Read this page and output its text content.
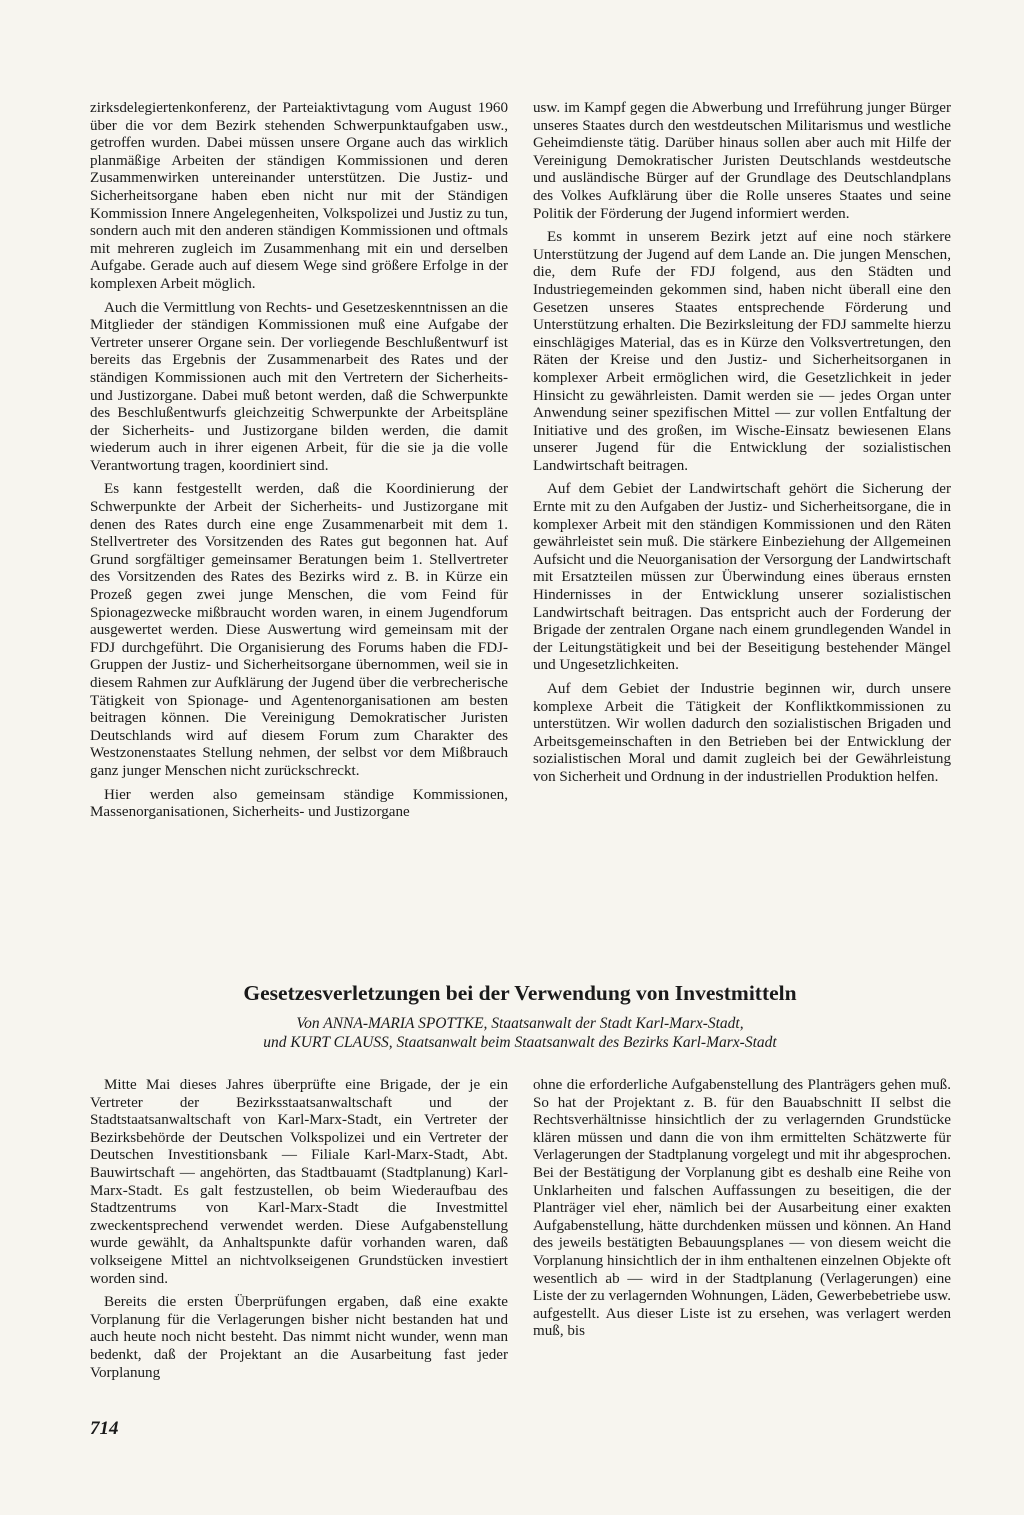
zirksdelegiertenkonferenz, der Parteiaktivtagung vom August 1960 über die vor dem Bezirk stehenden Schwerpunktaufgaben usw., getroffen wurden. Dabei müssen unsere Organe auch das wirklich planmäßige Arbeiten der ständigen Kommissionen und deren Zusammenwirken untereinander unterstützen. Die Justiz- und Sicherheitsorgane haben eben nicht nur mit der Ständigen Kommission Innere Angelegenheiten, Volkspolizei und Justiz zu tun, sondern auch mit den anderen ständigen Kommissionen und oftmals mit mehreren zugleich im Zusammenhang mit ein und derselben Aufgabe. Gerade auch auf diesem Wege sind größere Erfolge in der komplexen Arbeit möglich.

Auch die Vermittlung von Rechts- und Gesetzeskenntnissen an die Mitglieder der ständigen Kommissionen muß eine Aufgabe der Vertreter unserer Organe sein. Der vorliegende Beschlußentwurf ist bereits das Ergebnis der Zusammenarbeit des Rates und der ständigen Kommissionen auch mit den Vertretern der Sicherheits- und Justizorgane. Dabei muß betont werden, daß die Schwerpunkte des Beschlußentwurfs gleichzeitig Schwerpunkte der Arbeitspläne der Sicherheits- und Justizorgane bilden werden, die damit wiederum auch in ihrer eigenen Arbeit, für die sie ja die volle Verantwortung tragen, koordiniert sind.

Es kann festgestellt werden, daß die Koordinierung der Schwerpunkte der Arbeit der Sicherheits- und Justizorgane mit denen des Rates durch eine enge Zusammenarbeit mit dem 1. Stellvertreter des Vorsitzenden des Rates gut begonnen hat. Auf Grund sorgfältiger gemeinsamer Beratungen beim 1. Stellvertreter des Vorsitzenden des Rates des Bezirks wird z. B. in Kürze ein Prozeß gegen zwei junge Menschen, die vom Feind für Spionagezwecke mißbraucht worden waren, in einem Jugendforum ausgewertet werden. Diese Auswertung wird gemeinsam mit der FDJ durchgeführt. Die Organisierung des Forums haben die FDJ-Gruppen der Justiz- und Sicherheitsorgane übernommen, weil sie in diesem Rahmen zur Aufklärung der Jugend über die verbrecherische Tätigkeit von Spionage- und Agentenorganisationen am besten beitragen können. Die Vereinigung Demokratischer Juristen Deutschlands wird auf diesem Forum zum Charakter des Westzonenstaates Stellung nehmen, der selbst vor dem Mißbrauch ganz junger Menschen nicht zurückschreckt.

Hier werden also gemeinsam ständige Kommissionen, Massenorganisationen, Sicherheits- und Justizorgane

usw. im Kampf gegen die Abwerbung und Irreführung junger Bürger unseres Staates durch den westdeutschen Militarismus und westliche Geheimdienste tätig. Darüber hinaus sollen aber auch mit Hilfe der Vereinigung Demokratischer Juristen Deutschlands westdeutsche und ausländische Bürger auf der Grundlage des Deutschlandplans des Volkes Aufklärung über die Rolle unseres Staates und seine Politik der Förderung der Jugend informiert werden.

Es kommt in unserem Bezirk jetzt auf eine noch stärkere Unterstützung der Jugend auf dem Lande an. Die jungen Menschen, die, dem Rufe der FDJ folgend, aus den Städten und Industriegemeinden gekommen sind, haben nicht überall eine den Gesetzen unseres Staates entsprechende Förderung und Unterstützung erhalten. Die Bezirksleitung der FDJ sammelte hierzu einschlägiges Material, das es in Kürze den Volksvertretungen, den Räten der Kreise und den Justiz- und Sicherheitsorganen in komplexer Arbeit ermöglichen wird, die Gesetzlichkeit in jeder Hinsicht zu gewährleisten. Damit werden sie — jedes Organ unter Anwendung seiner spezifischen Mittel — zur vollen Entfaltung der Initiative und des großen, im Wische-Einsatz bewiesenen Elans unserer Jugend für die Entwicklung der sozialistischen Landwirtschaft beitragen.

Auf dem Gebiet der Landwirtschaft gehört die Sicherung der Ernte mit zu den Aufgaben der Justiz- und Sicherheitsorgane, die in komplexer Arbeit mit den ständigen Kommissionen und den Räten gewährleistet sein muß. Die stärkere Einbeziehung der Allgemeinen Aufsicht und die Neuorganisation der Versorgung der Landwirtschaft mit Ersatzteilen müssen zur Überwindung eines überaus ernsten Hindernisses in der Entwicklung unserer sozialistischen Landwirtschaft beitragen. Das entspricht auch der Forderung der Brigade der zentralen Organe nach einem grundlegenden Wandel in der Leitungstätigkeit und bei der Beseitigung bestehender Mängel und Ungesetzlichkeiten.

Auf dem Gebiet der Industrie beginnen wir, durch unsere komplexe Arbeit die Tätigkeit der Konfliktkommissionen zu unterstützen. Wir wollen dadurch den sozialistischen Brigaden und Arbeitsgemeinschaften in den Betrieben bei der Entwicklung der sozialistischen Moral und damit zugleich bei der Gewährleistung von Sicherheit und Ordnung in der industriellen Produktion helfen.

Gesetzesverletzungen bei der Verwendung von Investmitteln

Von ANNA-MARIA SPOTTKE, Staatsanwalt der Stadt Karl-Marx-Stadt,

und KURT CLAUSS, Staatsanwalt beim Staatsanwalt des Bezirks Karl-Marx-Stadt

Mitte Mai dieses Jahres überprüfte eine Brigade, der je ein Vertreter der Bezirksstaatsanwaltschaft und der Stadtstaatsanwaltschaft von Karl-Marx-Stadt, ein Vertreter der Bezirksbehörde der Deutschen Volkspolizei und ein Vertreter der Deutschen Investitionsbank — Filiale Karl-Marx-Stadt, Abt. Bauwirtschaft — angehörten, das Stadtbauamt (Stadtplanung) Karl-Marx-Stadt. Es galt festzustellen, ob beim Wiederaufbau des Stadtzentrums von Karl-Marx-Stadt die Investmittel zweckentsprechend verwendet werden. Diese Aufgabenstellung wurde gewählt, da Anhaltspunkte dafür vorhanden waren, daß volkseigene Mittel an nichtvolkseigenen Grundstücken investiert worden sind.

Bereits die ersten Überprüfungen ergaben, daß eine exakte Vorplanung für die Verlagerungen bisher nicht bestanden hat und auch heute noch nicht besteht. Das nimmt nicht wunder, wenn man bedenkt, daß der Projektant an die Ausarbeitung fast jeder Vorplanung

ohne die erforderliche Aufgabenstellung des Planträgers gehen muß. So hat der Projektant z. B. für den Bauabschnitt II selbst die Rechtsverhältnisse hinsichtlich der zu verlagernden Grundstücke klären müssen und dann die von ihm ermittelten Schätzwerte für Verlagerungen der Stadtplanung vorgelegt und mit ihr abgesprochen. Bei der Bestätigung der Vorplanung gibt es deshalb eine Reihe von Unklarheiten und falschen Auffassungen zu beseitigen, die der Planträger viel eher, nämlich bei der Ausarbeitung einer exakten Aufgabenstellung, hätte durchdenken müssen und können. An Hand des jeweils bestätigten Bebauungsplanes — von diesem weicht die Vorplanung hinsichtlich der in ihm enthaltenen einzelnen Objekte oft wesentlich ab — wird in der Stadtplanung (Verlagerungen) eine Liste der zu verlagernden Wohnungen, Läden, Gewerbebetriebe usw. aufgestellt. Aus dieser Liste ist zu ersehen, was verlagert werden muß, bis

714
